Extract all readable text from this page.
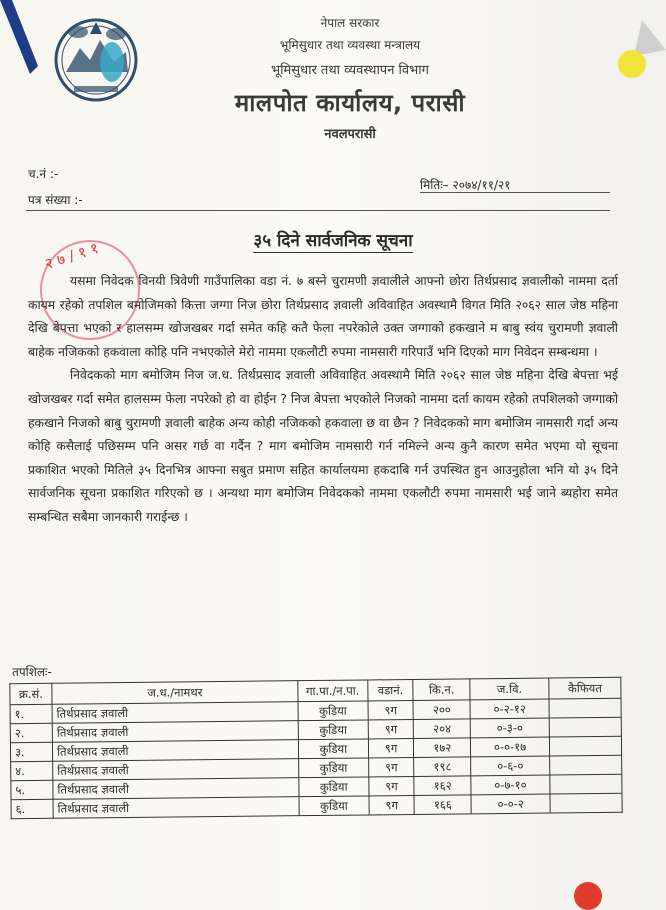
नेपाल सरकार
भूमिसुधार तथा व्यवस्था मन्त्रालय
भूमिसुधार तथा व्यवस्थापन विभाग
मालपोत कार्यालय, परासी
नवलपरासी
च.नं :-
मितिः– २०७४/११/२१
पत्र संख्या :-
३५ दिने सार्वजनिक सूचना
२ ७ / १ १

यसमा निवेदक विनयी त्रिवेणी गाउँपालिका वडा नं. ७ बस्ने चुरामणी ज्ञवालीले आफ्नो छोरा तिर्थप्रसाद ज्ञवालीको नाममा दर्ता कायम रहेको तपशिल बमोजिमको कित्ता जग्गा निज छोरा तिर्थप्रसाद ज्ञवाली अविवाहित अवस्थामै विगत मिति २०६२ साल जेष्ठ महिना देखि बेपत्ता भएको र हालसम्म खोजखबर गर्दा समेत कहि कतै फेला नपरेकोले उक्त जग्गाको हकखाने म बाबु स्वंय चुरामणी ज्ञवाली बाहेक नजिकको हकवाला कोहि पनि नभएकोले मेरो नाममा एकलौटी रुपमा नामसारी गरिपाउँ भनि दिएको माग निवेदन सम्बन्धमा ।

निवेदकको माग बमोजिम निज ज.ध. तिर्थप्रसाद ज्ञवाली अविवाहित अवस्थामै मिति २०६२ साल जेष्ठ महिना देखि बेपत्ता भई खोजखबर गर्दा समेत हालसम्म फेला नपरेको हो वा होईन ? निज बेपत्ता भएकोले निजको नाममा दर्ता कायम रहेको तपशिलको जग्गाको हकखाने निजको बाबु चुरामणी ज्ञवाली बाहेक अन्य कोही नजिकको हकवाला छ वा छैन ? निवेदकको माग बमोजिम नामसारी गर्दा अन्य कोहि कसैलाई पछिसम्म पनि असर गर्छ वा गर्दैन ? माग बमोजिम नामसारी गर्न नमिल्ने अन्य कुनै कारण समेत भएमा यो सूचना प्रकाशित भएको मितिले ३५ दिनभित्र आफ्ना सबुत प्रमाण सहित कार्यालयमा हकदाबि गर्न उपस्थित हुन आउनुहोला भनि यो ३५ दिने सार्वजनिक सूचना प्रकाशित गरिएको छ । अन्यथा माग बमोजिम निवेदकको नाममा एकलौटी रुपमा नामसारी भई जाने ब्यहोरा समेत सम्बन्धित सबैमा जानकारी गराईन्छ ।

तपशिलः-
क्र.सं.	ज.ध./नामथर	गा.पा./न.पा.	वडानं.	कि.न.	ज.वि.	कैफियत
१.	तिर्थप्रसाद ज्ञवाली	कुडिया	९ग	२००	०-२-१२	
२.	तिर्थप्रसाद ज्ञवाली	कुडिया	९ग	२०४	०-३-०	
३.	तिर्थप्रसाद ज्ञवाली	कुडिया	९ग	१७२	०-०-१७	
४.	तिर्थप्रसाद ज्ञवाली	कुडिया	९ग	१९८	०-६-०	
५.	तिर्थप्रसाद ज्ञवाली	कुडिया	९ग	१६२	०-७-१०	
६.	तिर्थप्रसाद ज्ञवाली	कुडिया	९ग	१६६	०-०-२	
